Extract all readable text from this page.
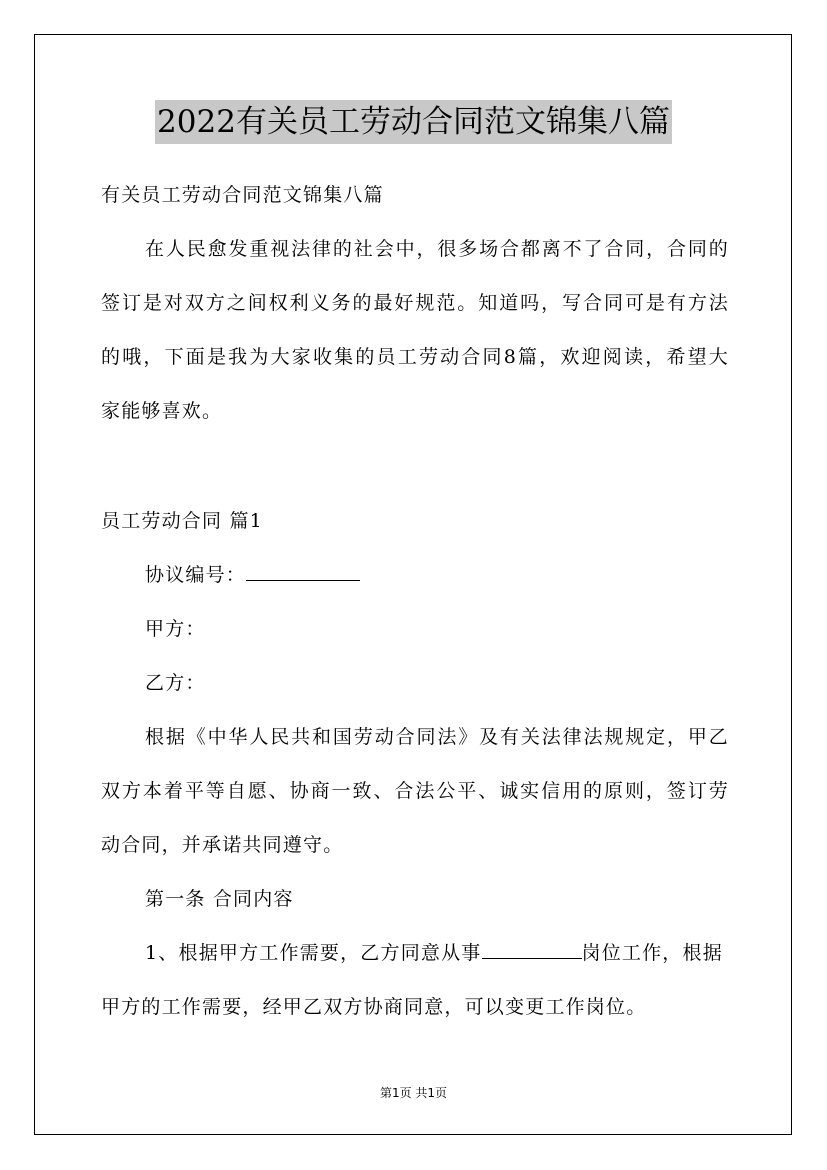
2022有关员工劳动合同范文锦集八篇
有关员工劳动合同范文锦集八篇
在人民愈发重视法律的社会中，很多场合都离不了合同，合同的
签订是对双方之间权利义务的最好规范。知道吗，写合同可是有方法
的哦，下面是我为大家收集的员工劳动合同8篇，欢迎阅读，希望大
家能够喜欢。
员工劳动合同 篇1
协议编号：
甲方：
乙方：
根据《中华人民共和国劳动合同法》及有关法律法规规定，甲乙
双方本着平等自愿、协商一致、合法公平、诚实信用的原则，签订劳
动合同，并承诺共同遵守。
第一条 合同内容
1、根据甲方工作需要，乙方同意从事	岗位工作，根据
甲方的工作需要，经甲乙双方协商同意，可以变更工作岗位。
第1页 共1页
